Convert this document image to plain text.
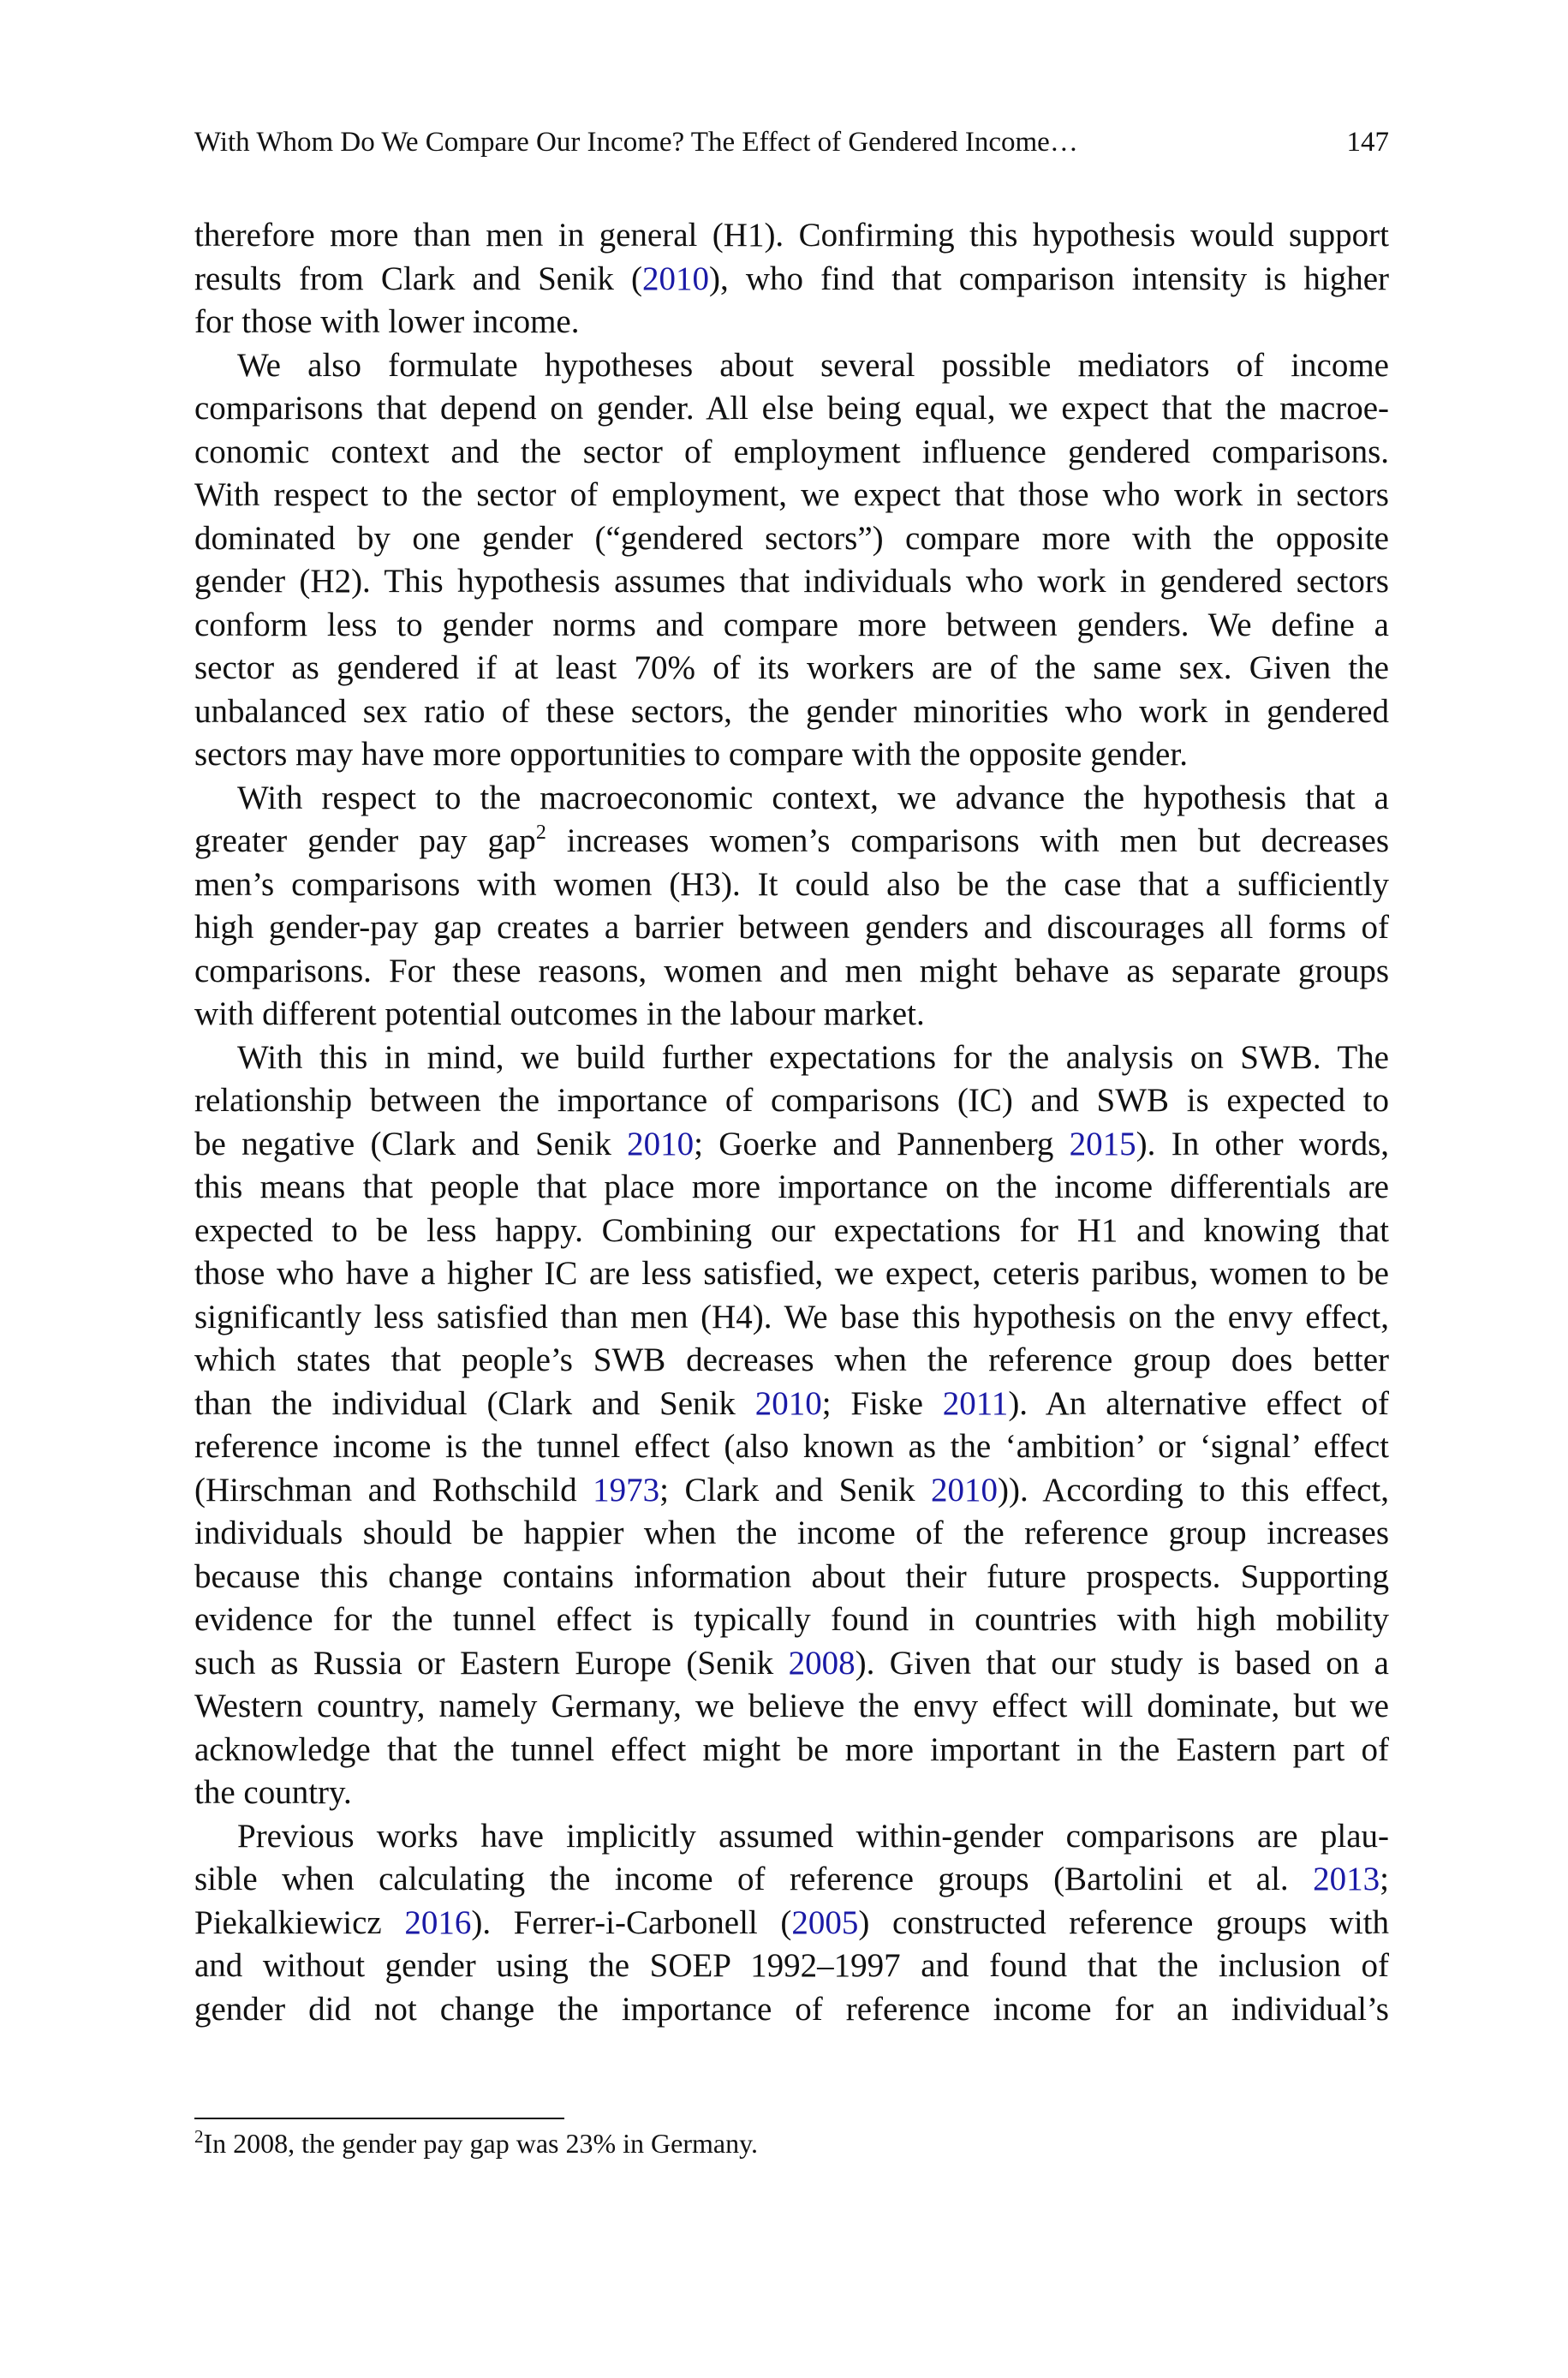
With Whom Do We Compare Our Income? The Effect of Gendered Income…	147
therefore more than men in general (H1). Confirming this hypothesis would support
results from Clark and Senik (2010), who find that comparison intensity is higher
for those with lower income.
We also formulate hypotheses about several possible mediators of income
comparisons that depend on gender. All else being equal, we expect that the macroe-
conomic context and the sector of employment influence gendered comparisons.
With respect to the sector of employment, we expect that those who work in sectors
dominated by one gender (“gendered sectors”) compare more with the opposite
gender (H2). This hypothesis assumes that individuals who work in gendered sectors
conform less to gender norms and compare more between genders. We define a
sector as gendered if at least 70% of its workers are of the same sex. Given the
unbalanced sex ratio of these sectors, the gender minorities who work in gendered
sectors may have more opportunities to compare with the opposite gender.
With respect to the macroeconomic context, we advance the hypothesis that a
greater gender pay gap$^2$ increases women’s comparisons with men but decreases
men’s comparisons with women (H3). It could also be the case that a sufficiently
high gender-pay gap creates a barrier between genders and discourages all forms of
comparisons. For these reasons, women and men might behave as separate groups
with different potential outcomes in the labour market.
With this in mind, we build further expectations for the analysis on SWB. The
relationship between the importance of comparisons (IC) and SWB is expected to
be negative (Clark and Senik 2010; Goerke and Pannenberg 2015). In other words,
this means that people that place more importance on the income differentials are
expected to be less happy. Combining our expectations for H1 and knowing that
those who have a higher IC are less satisfied, we expect, ceteris paribus, women to be
significantly less satisfied than men (H4). We base this hypothesis on the envy effect,
which states that people’s SWB decreases when the reference group does better
than the individual (Clark and Senik 2010; Fiske 2011). An alternative effect of
reference income is the tunnel effect (also known as the ‘ambition’ or ‘signal’ effect
(Hirschman and Rothschild 1973; Clark and Senik 2010)). According to this effect,
individuals should be happier when the income of the reference group increases
because this change contains information about their future prospects. Supporting
evidence for the tunnel effect is typically found in countries with high mobility
such as Russia or Eastern Europe (Senik 2008). Given that our study is based on a
Western country, namely Germany, we believe the envy effect will dominate, but we
acknowledge that the tunnel effect might be more important in the Eastern part of
the country.
Previous works have implicitly assumed within-gender comparisons are plau-
sible when calculating the income of reference groups (Bartolini et al. 2013;
Piekalkiewicz 2016). Ferrer-i-Carbonell (2005) constructed reference groups with
and without gender using the SOEP 1992–1997 and found that the inclusion of
gender did not change the importance of reference income for an individual’s
$^2$In 2008, the gender pay gap was 23% in Germany.
